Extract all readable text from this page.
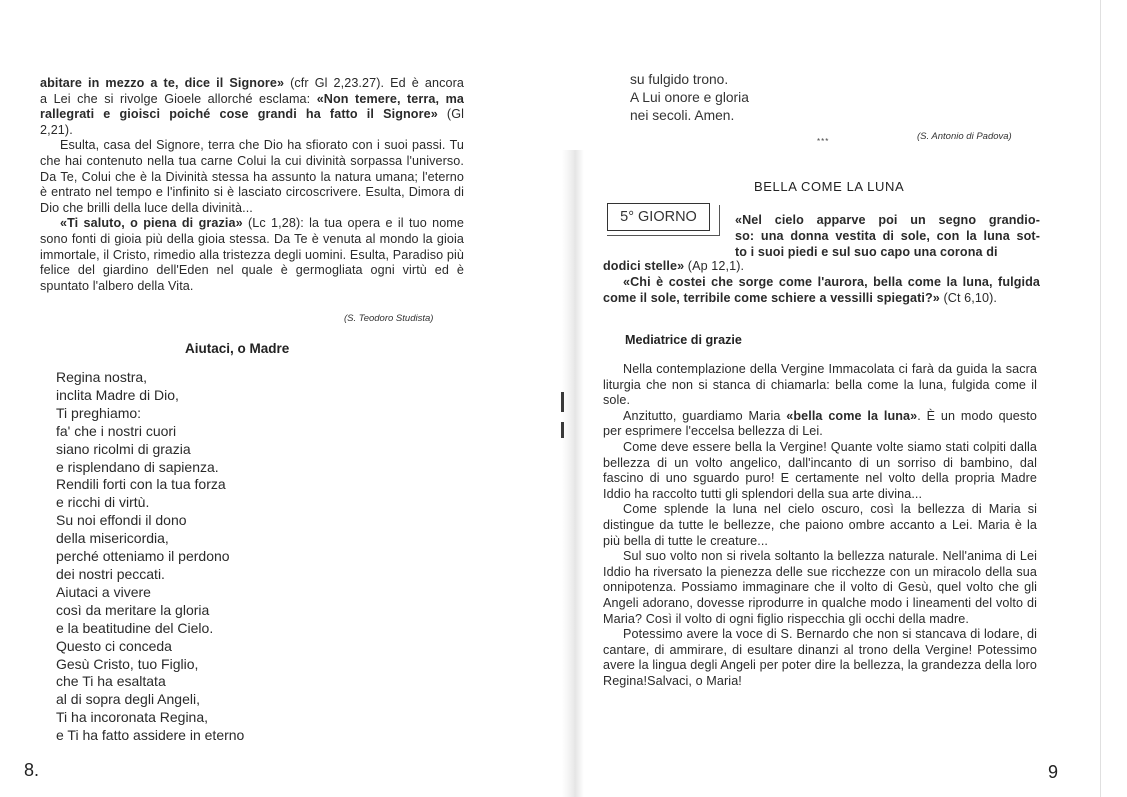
abitare in mezzo a te, dice il Signore» (cfr Gl 2,23.27). Ed è ancora
a Lei che si rivolge Gioele allorché esclama: «Non temere, terra, ma
rallegrati e gioisci poiché cose grandi ha fatto il Signore» (Gl
2,21).

Esulta, casa del Signore, terra che Dio ha sfiorato con i suoi passi. Tu che hai contenuto nella tua carne Colui la cui divinità sorpassa l'universo. Da Te, Colui che è la Divinità stessa ha assunto la natura umana; l'eterno è entrato nel tempo e l'infinito si è lasciato circoscrivere. Esulta, Dimora di Dio che brilli della luce della divinità...

«Ti saluto, o piena di grazia» (Lc 1,28): la tua opera e il tuo nome sono fonti di gioia più della gioia stessa. Da Te è venuta al mondo la gioia immortale, il Cristo, rimedio alla tristezza degli uomini. Esulta, Paradiso più felice del giardino dell'Eden nel quale è germogliata ogni virtù ed è spuntato l'albero della Vita.

(S. Teodoro Studista)
Aiutaci, o Madre
Regina nostra,
inclita Madre di Dio,
Ti preghiamo:
fa' che i nostri cuori
siano ricolmi di grazia
e risplendano di sapienza.
Rendili forti con la tua forza
e ricchi di virtù.
Su noi effondi il dono
della misericordia,
perché otteniamo il perdono
dei nostri peccati.
Aiutaci a vivere
così da meritare la gloria
e la beatitudine del Cielo.
Questo ci conceda
Gesù Cristo, tuo Figlio,
che Ti ha esaltata
al di sopra degli Angeli,
Ti ha incoronata Regina,
e Ti ha fatto assidere in eterno
8.
su fulgido trono.
A Lui onore e gloria
nei secoli. Amen.
(S. Antonio di Padova)
***
BELLA COME LA LUNA
5° GIORNO	«Nel cielo apparve poi un segno grandio-
so: una donna vestita di sole, con la luna sot-
to i suoi piedi e sul suo capo una corona di
dodici stelle» (Ap 12,1).

«Chi è costei che sorge come l'aurora, bella come la luna, fulgida come il sole, terribile come schiere a vessilli spiegati?» (Ct 6,10).

Mediatrice di grazie

Nella contemplazione della Vergine Immacolata ci farà da guida la sacra liturgia che non si stanca di chiamarla: bella come la luna, fulgida come il sole.

Anzitutto, guardiamo Maria «bella come la luna». È un modo questo per esprimere l'eccelsa bellezza di Lei.

Come deve essere bella la Vergine! Quante volte siamo stati colpiti dalla bellezza di un volto angelico, dall'incanto di un sorriso di bambino, dal fascino di uno sguardo puro! E certamente nel volto della propria Madre Iddio ha raccolto tutti gli splendori della sua arte divina...

Come splende la luna nel cielo oscuro, così la bellezza di Maria si distingue da tutte le bellezze, che paiono ombre accanto a Lei. Maria è la più bella di tutte le creature...

Sul suo volto non si rivela soltanto la bellezza naturale. Nell'anima di Lei Iddio ha riversato la pienezza delle sue ricchezze con un miracolo della sua onnipotenza. Possiamo immaginare che il volto di Gesù, quel volto che gli Angeli adorano, dovesse riprodurre in qualche modo i lineamenti del volto di Maria? Così il volto di ogni figlio rispecchia gli occhi della madre.

Potessimo avere la voce di S. Bernardo che non si stancava di lodare, di cantare, di ammirare, di esultare dinanzi al trono della Vergine! Potessimo avere la lingua degli Angeli per poter dire la bellezza, la grandezza della loro Regina!Salvaci, o Maria!

9
